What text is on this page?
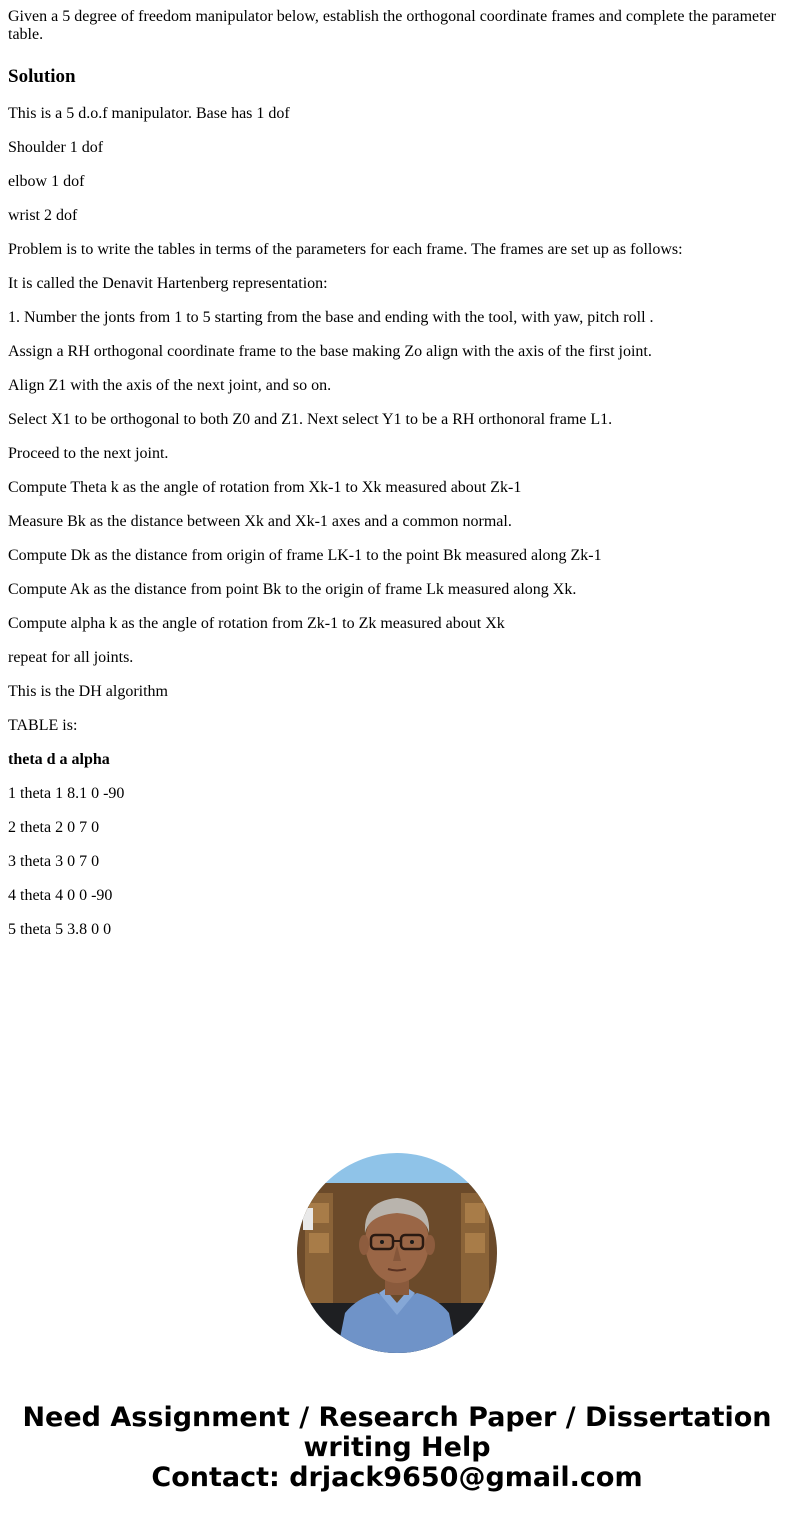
Given a 5 degree of freedom manipulator below, establish the orthogonal coordinate frames and complete the parameter table.

Solution

This is a 5 d.o.f manipulator. Base has 1 dof

Shoulder 1 dof

elbow 1 dof

wrist 2 dof

Problem is to write the tables in terms of the parameters for each frame. The frames are set up as follows:

It is called the Denavit Hartenberg representation:

1. Number the jonts from 1 to 5 starting from the base and ending with the tool, with yaw, pitch roll .

Assign a RH orthogonal coordinate frame to the base making Zo align with the axis of the first joint.

Align Z1 with the axis of the next joint, and so on.

Select X1 to be orthogonal to both Z0 and Z1. Next select Y1 to be a RH orthonoral frame L1.

Proceed to the next joint.

Compute Theta k as the angle of rotation from Xk-1 to Xk measured about Zk-1

Measure Bk as the distance between Xk and Xk-1 axes and a common normal.

Compute Dk as the distance from origin of frame LK-1 to the point Bk measured along Zk-1

Compute Ak as the distance from point Bk to the origin of frame Lk measured along Xk.

Compute alpha k as the angle of rotation from Zk-1 to Zk measured about Xk

repeat for all joints.

This is the DH algorithm

TABLE is:

theta d a alpha

1 theta 1 8.1 0 -90

2 theta 2 0 7 0

3 theta 3 0 7 0

4 theta 4 0 0 -90

5 theta 5 3.8 0 0

Need Assignment / Research Paper / Dissertation
writing Help
Contact: drjack9650@gmail.com
